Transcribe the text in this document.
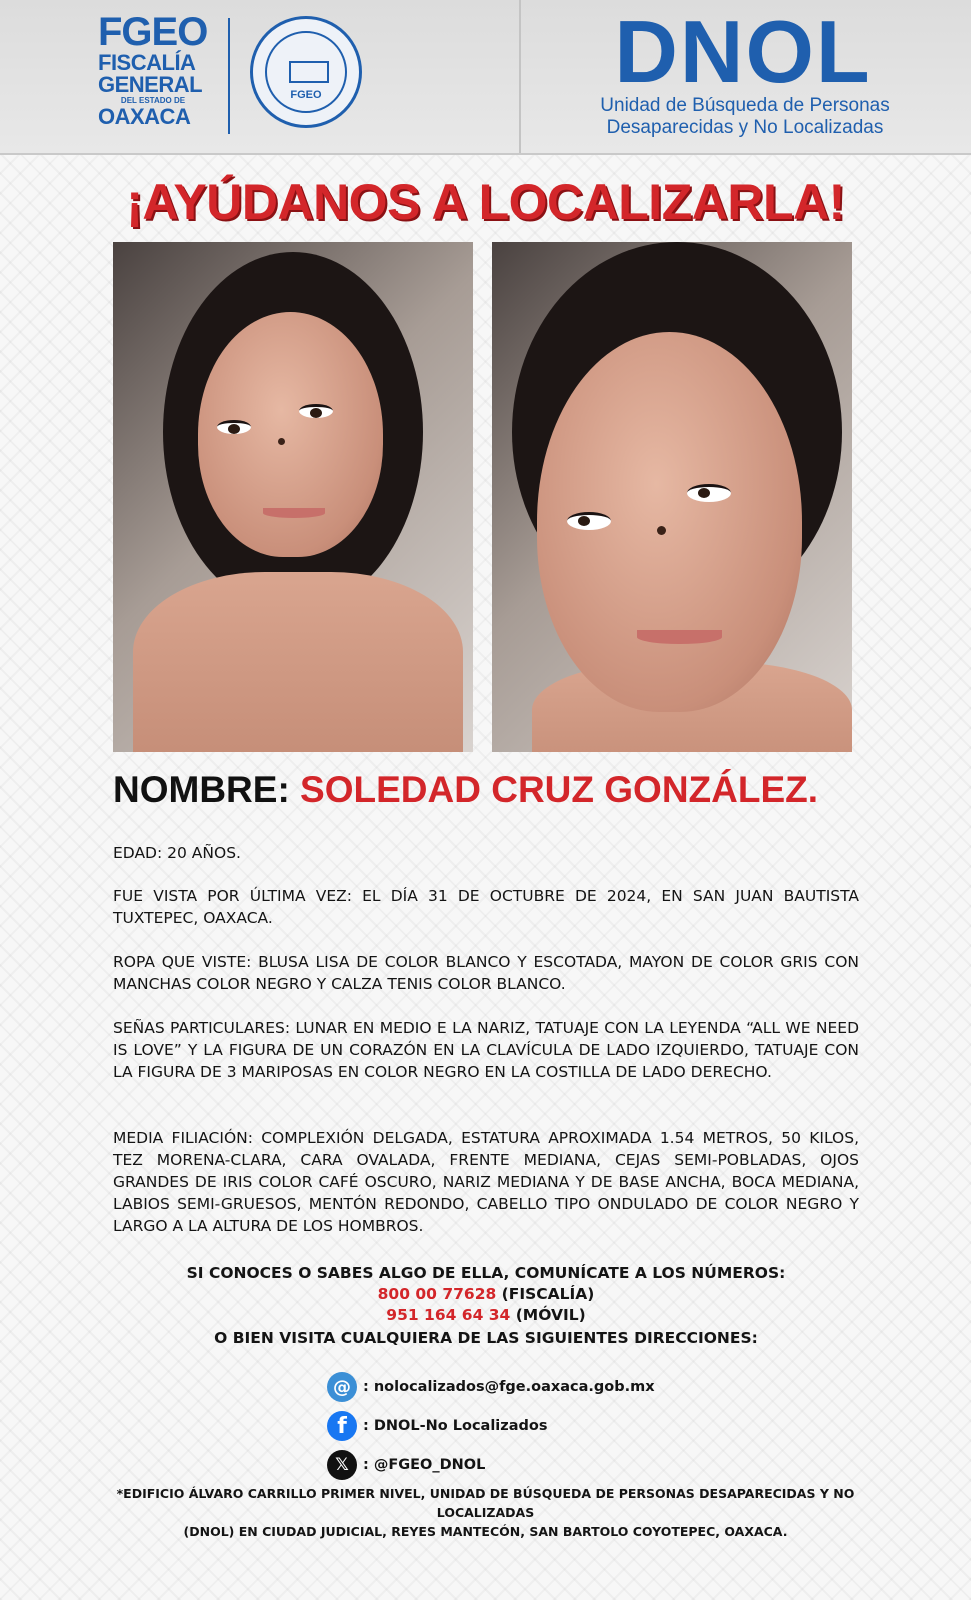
FGEO
FISCALÍA
GENERAL
DEL ESTADO DE
OAXACA
FGEO	DNOL
Unidad de Búsqueda de Personas
Desaparecidas y No Localizadas
¡AYÚDANOS A LOCALIZARLA!
NOMBRE: SOLEDAD CRUZ GONZÁLEZ.
EDAD: 20 AÑOS.
FUE VISTA POR ÚLTIMA VEZ: EL DÍA 31 DE OCTUBRE DE 2024, EN SAN JUAN BAUTISTA TUXTEPEC, OAXACA.
ROPA QUE VISTE: BLUSA LISA DE COLOR BLANCO Y ESCOTADA, MAYON DE COLOR GRIS CON MANCHAS COLOR NEGRO Y CALZA TENIS COLOR BLANCO.
SEÑAS PARTICULARES: LUNAR EN MEDIO E LA NARIZ, TATUAJE CON LA LEYENDA “ALL WE NEED IS LOVE” Y LA FIGURA DE UN CORAZÓN EN LA CLAVÍCULA DE LADO IZQUIERDO, TATUAJE CON LA FIGURA DE 3 MARIPOSAS EN COLOR NEGRO EN LA COSTILLA DE LADO DERECHO.
MEDIA FILIACIÓN: COMPLEXIÓN DELGADA, ESTATURA APROXIMADA 1.54 METROS, 50 KILOS, TEZ MORENA-CLARA, CARA OVALADA, FRENTE MEDIANA, CEJAS SEMI-POBLADAS, OJOS GRANDES DE IRIS COLOR CAFÉ OSCURO, NARIZ MEDIANA Y DE BASE ANCHA, BOCA MEDIANA, LABIOS SEMI-GRUESOS, MENTÓN REDONDO, CABELLO TIPO ONDULADO DE COLOR NEGRO Y LARGO A LA ALTURA DE LOS HOMBROS.
SI CONOCES O SABES ALGO DE ELLA, COMUNÍCATE A LOS NÚMEROS:
800 00 77628 (FISCALÍA)
951 164 64 34 (MÓVIL)
O BIEN VISITA CUALQUIERA DE LAS SIGUIENTES DIRECCIONES:
@ : nolocalizados@fge.oaxaca.gob.mx
f	: DNOL-No Localizados
𝕏 : @FGEO_DNOL
*EDIFICIO ÁLVARO CARRILLO PRIMER NIVEL, UNIDAD DE BÚSQUEDA DE PERSONAS DESAPARECIDAS Y NO LOCALIZADAS
(DNOL) EN CIUDAD JUDICIAL, REYES MANTECÓN, SAN BARTOLO COYOTEPEC, OAXACA.
